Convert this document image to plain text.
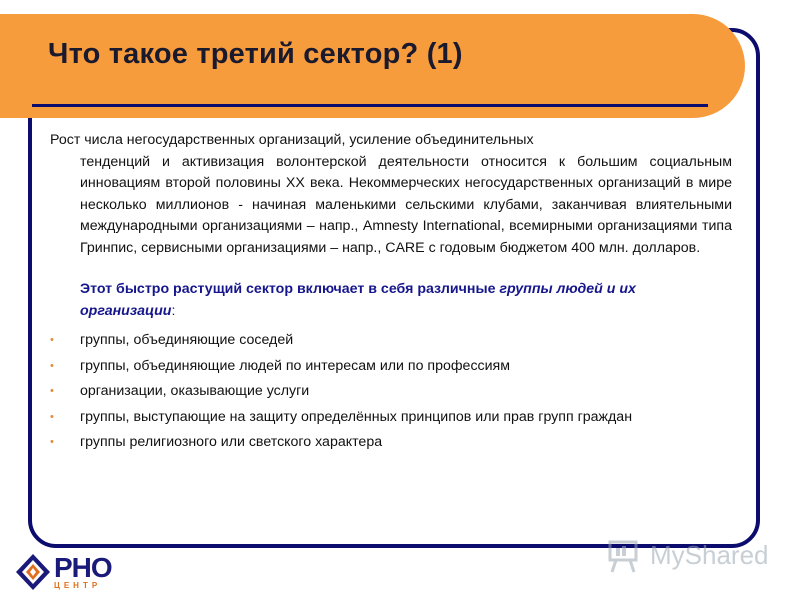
Что такое третий сектор? (1)

Рост числа негосударственных организаций, усиление объединительных
тенденций и активизация волонтерской деятельности относится к большим социальным инновациям второй половины XX века. Некоммерческих негосударственных организаций в мире несколько миллионов - начиная маленькими сельскими клубами, заканчивая влиятельными международными организациями – напр., Amnesty International, всемирными организациями типа Гринпис, сервисными организациями – напр., CARE с годовым бюджетом 400 млн. долларов.

Этот быстро растущий сектор включает в себя различные группы людей и их организации:

• группы, объединяющие соседей
• группы, объединяющие людей по интересам или по профессиям
• организации, оказывающие услуги
• группы, выступающие на защиту определённых принципов или прав групп граждан
• группы религиозного или светского характера
PHO
ЦЕНТР
MyShared
